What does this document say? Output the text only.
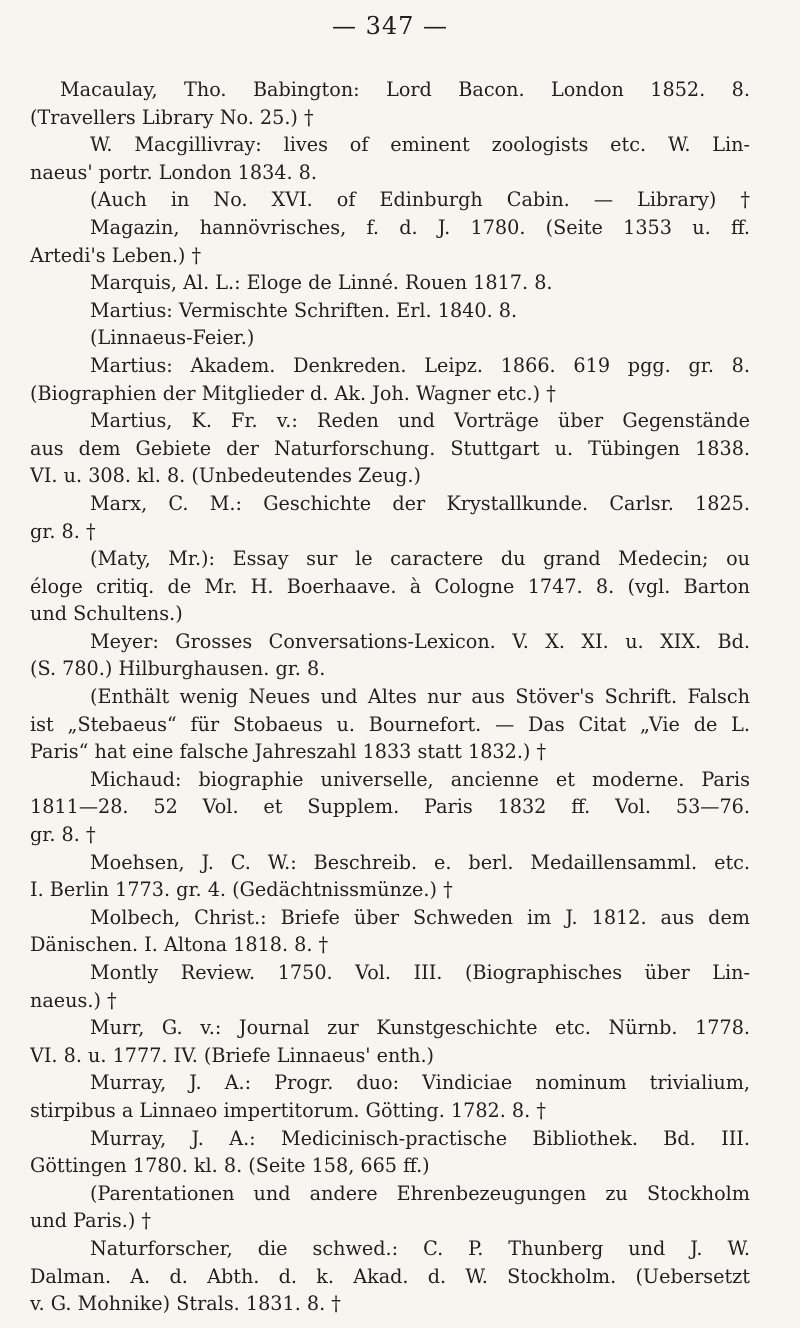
— 347 —
Macaulay, Tho. Babington: Lord Bacon. London 1852. 8.
(Travellers Library No. 25.) †
W. Macgillivray: lives of eminent zoologists etc. W. Lin-
naeus' portr. London 1834. 8.
(Auch in No. XVI. of Edinburgh Cabin. — Library) †
Magazin, hannövrisches, f. d. J. 1780. (Seite 1353 u. ff.
Artedi's Leben.) †
Marquis, Al. L.: Eloge de Linné. Rouen 1817. 8.
Martius: Vermischte Schriften. Erl. 1840. 8.
(Linnaeus-Feier.)
Martius: Akadem. Denkreden. Leipz. 1866. 619 pgg. gr. 8.
(Biographien der Mitglieder d. Ak. Joh. Wagner etc.) †
Martius, K. Fr. v.: Reden und Vorträge über Gegenstände
aus dem Gebiete der Naturforschung. Stuttgart u. Tübingen 1838.
VI. u. 308. kl. 8. (Unbedeutendes Zeug.)
Marx, C. M.: Geschichte der Krystallkunde. Carlsr. 1825.
gr. 8. †
(Maty, Mr.): Essay sur le caractere du grand Medecin; ou
éloge critiq. de Mr. H. Boerhaave. à Cologne 1747. 8. (vgl. Barton
und Schultens.)
Meyer: Grosses Conversations-Lexicon. V. X. XI. u. XIX. Bd.
(S. 780.) Hilburghausen. gr. 8.
(Enthält wenig Neues und Altes nur aus Stöver's Schrift. Falsch
ist „Stebaeus“ für Stobaeus u. Bournefort. — Das Citat „Vie de L.
Paris“ hat eine falsche Jahreszahl 1833 statt 1832.) †
Michaud: biographie universelle, ancienne et moderne. Paris
1811—28. 52 Vol. et Supplem. Paris 1832 ff. Vol. 53—76.
gr. 8. †
Moehsen, J. C. W.: Beschreib. e. berl. Medaillensamml. etc.
I. Berlin 1773. gr. 4. (Gedächtnissmünze.) †
Molbech, Christ.: Briefe über Schweden im J. 1812. aus dem
Dänischen. I. Altona 1818. 8. †
Montly Review. 1750. Vol. III. (Biographisches über Lin-
naeus.) †
Murr, G. v.: Journal zur Kunstgeschichte etc. Nürnb. 1778.
VI. 8. u. 1777. IV. (Briefe Linnaeus' enth.)
Murray, J. A.: Progr. duo: Vindiciae nominum trivialium,
stirpibus a Linnaeo impertitorum. Götting. 1782. 8. †
Murray, J. A.: Medicinisch-practische Bibliothek. Bd. III.
Göttingen 1780. kl. 8. (Seite 158, 665 ff.)
(Parentationen und andere Ehrenbezeugungen zu Stockholm
und Paris.) †
Naturforscher, die schwed.: C. P. Thunberg und J. W.
Dalman. A. d. Abth. d. k. Akad. d. W. Stockholm. (Uebersetzt
v. G. Mohnike) Strals. 1831. 8. †
